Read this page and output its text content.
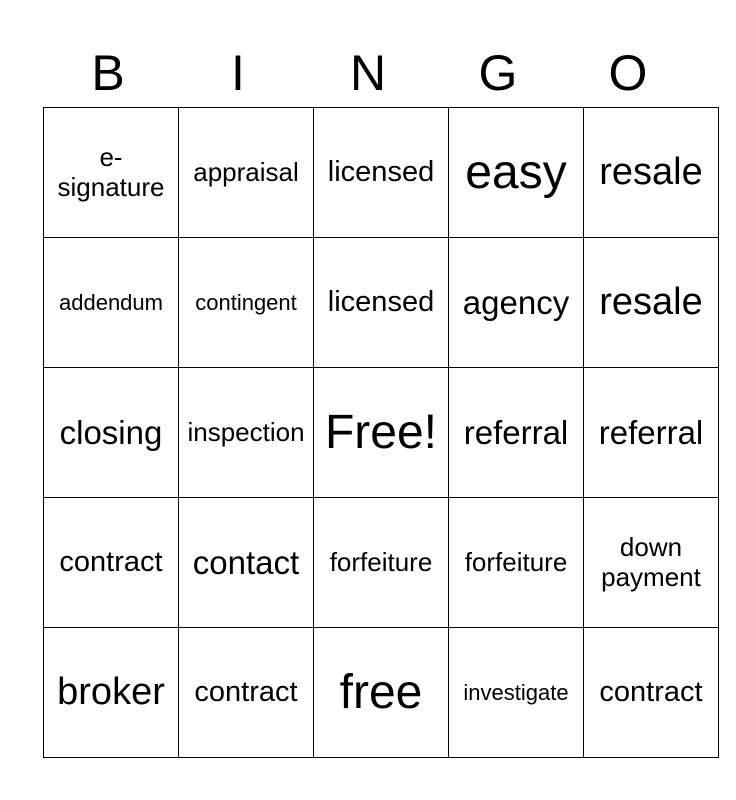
B	I	N	G	O
e-signature	appraisal	licensed	easy	resale
addendum	contingent	licensed	agency	resale
closing	inspection	Free!	referral	referral
contract	contact	forfeiture	forfeiture	down payment
broker	contract	free	investigate	contract
